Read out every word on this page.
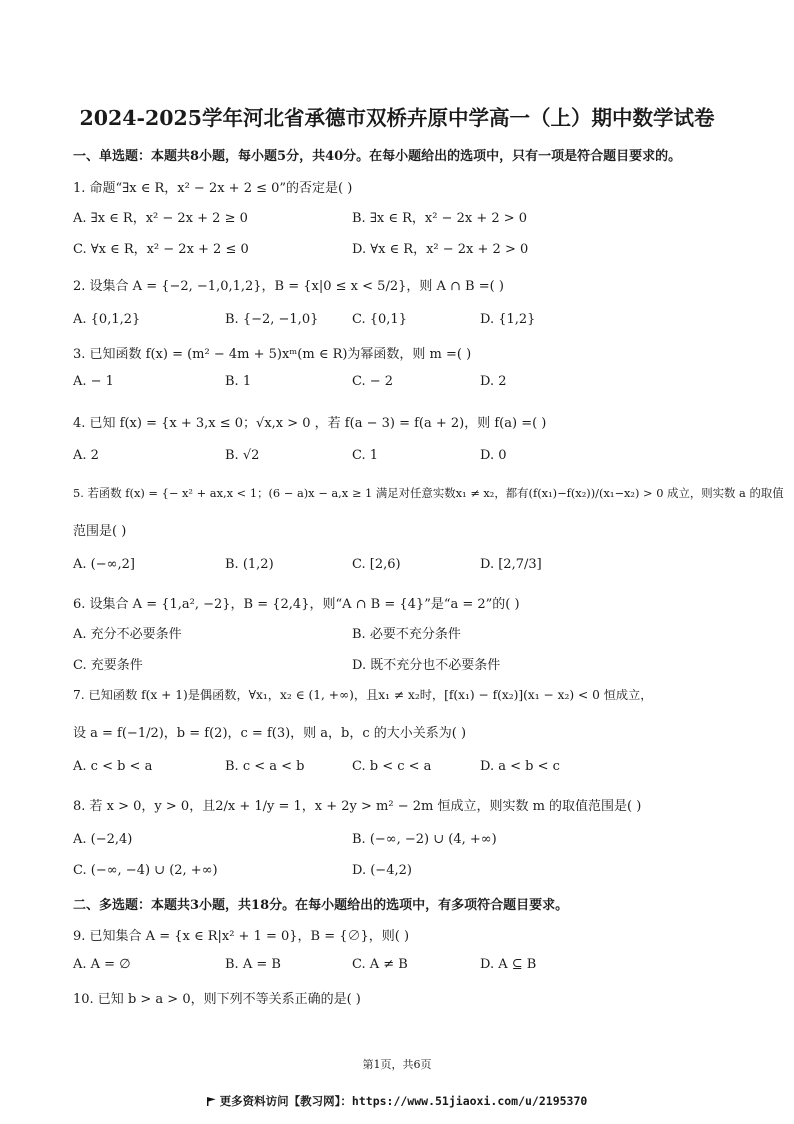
2024-2025学年河北省承德市双桥卉原中学高一（上）期中数学试卷
一、单选题：本题共8小题，每小题5分，共40分。在每小题给出的选项中，只有一项是符合题目要求的。
1. 命题“∃x ∈ R，x² − 2x + 2 ≤ 0”的否定是( )
A. ∃x ∈ R，x² − 2x + 2 ≥ 0	B. ∃x ∈ R，x² − 2x + 2 > 0
C. ∀x ∈ R，x² − 2x + 2 ≤ 0	D. ∀x ∈ R，x² − 2x + 2 > 0
2. 设集合 A = {−2, −1,0,1,2}，B = {x|0 ≤ x < 5/2}，则 A ∩ B =( )
A. {0,1,2}	B. {−2, −1,0}	C. {0,1}	D. {1,2}
3. 已知函数 f(x) = (m² − 4m + 5)xᵐ(m ∈ R)为幂函数，则 m =( )
A. − 1	B. 1	C. − 2	D. 2
4. 已知 f(x) = {x + 3,x ≤ 0；√x,x > 0 ，若 f(a − 3) = f(a + 2)，则 f(a) =( )
A. 2	B. √2	C. 1	D. 0
5. 若函数 f(x) = {− x² + ax,x < 1；(6 − a)x − a,x ≥ 1 满足对任意实数x₁ ≠ x₂，都有(f(x₁)−f(x₂))/(x₁−x₂) > 0 成立，则实数 a 的取值
范围是( )
A. (−∞,2]	B. (1,2)	C. [2,6)	D. [2,7/3]
6. 设集合 A = {1,a², −2}，B = {2,4}，则“A ∩ B = {4}”是“a = 2”的( )
A. 充分不必要条件	B. 必要不充分条件
C. 充要条件	D. 既不充分也不必要条件
7. 已知函数 f(x + 1)是偶函数，∀x₁，x₂ ∈ (1, +∞)，且x₁ ≠ x₂时，[f(x₁) − f(x₂)](x₁ − x₂) < 0 恒成立，
设 a = f(−1/2)，b = f(2)，c = f(3)，则 a，b，c 的大小关系为( )
A. c < b < a	B. c < a < b	C. b < c < a	D. a < b < c
8. 若 x > 0，y > 0，且2/x + 1/y = 1，x + 2y > m² − 2m 恒成立，则实数 m 的取值范围是( )
A. (−2,4)	B. (−∞, −2) ∪ (4, +∞)
C. (−∞, −4) ∪ (2, +∞)	D. (−4,2)
二、多选题：本题共3小题，共18分。在每小题给出的选项中，有多项符合题目要求。
9. 已知集合 A = {x ∈ R|x² + 1 = 0}，B = {∅}，则( )
A. A = ∅	B. A = B	C. A ≠ B	D. A ⊆ B
10. 已知 b > a > 0，则下列不等关系正确的是( )
第1页，共6页
更多资料访问【教习网】：https://www.51jiaoxi.com/u/2195370
